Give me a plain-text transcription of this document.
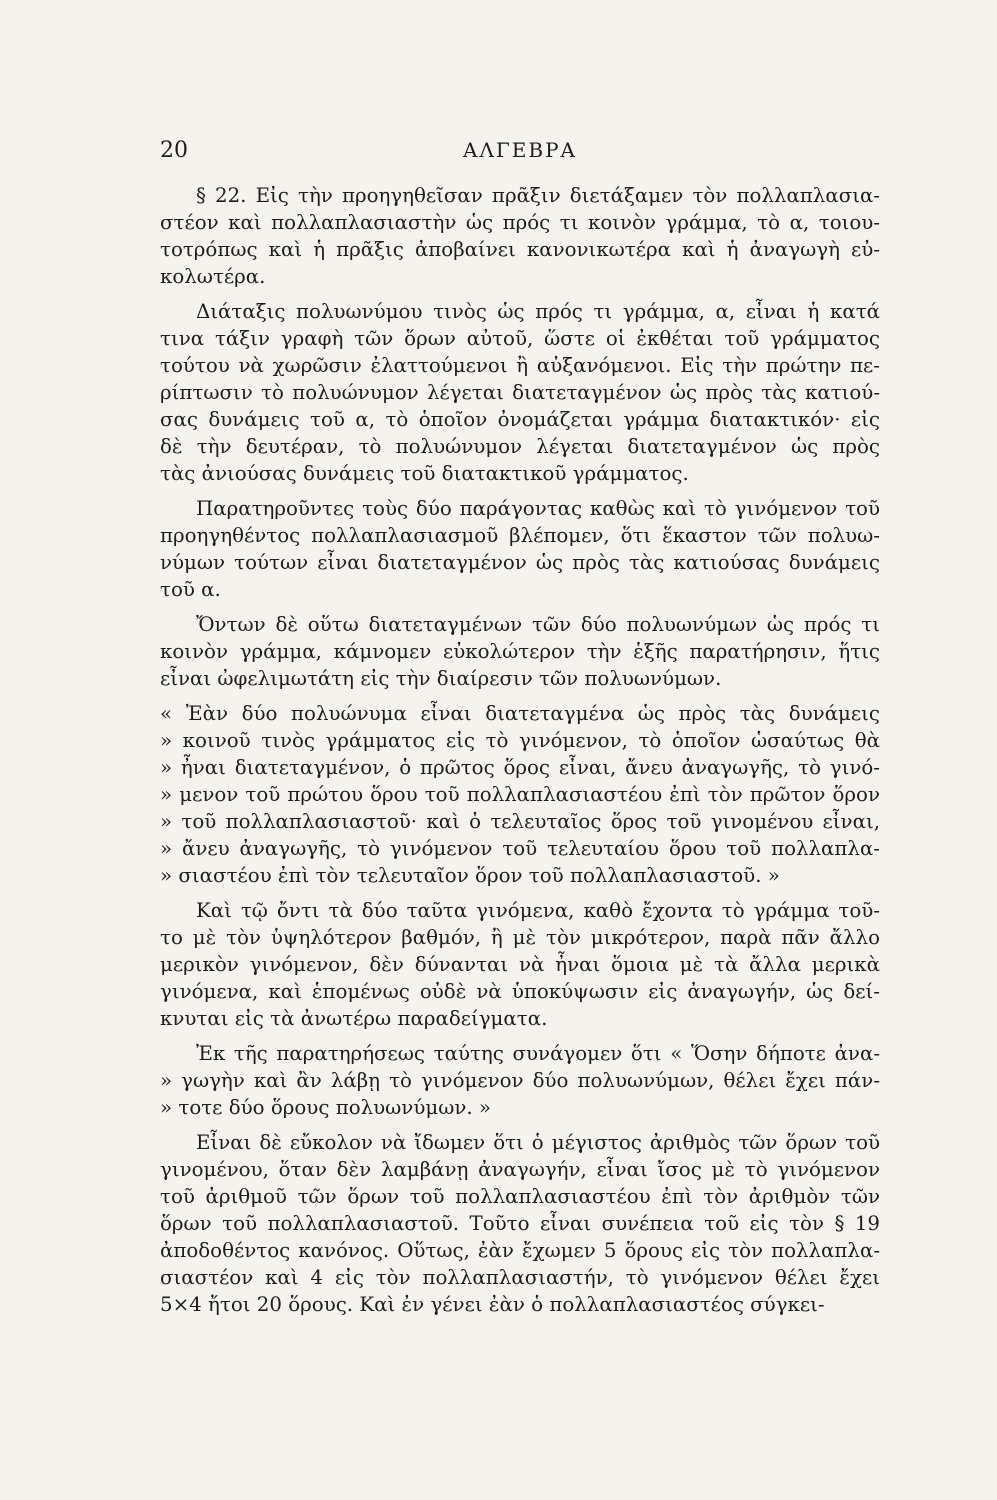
20	ΑΛΓΕΒΡΑ
§ 22. Εἰς τὴν προηγηθεῖσαν πρᾶξιν διετάξαμεν τὸν πολλαπλασια-
στέον καὶ πολλαπλασιαστὴν ὡς πρός τι κοινὸν γράμμα, τὸ α, τοιου-
τοτρόπως καὶ ἡ πρᾶξις ἀποβαίνει κανονικωτέρα καὶ ἡ ἀναγωγὴ εὐ-
κολωτέρα.
Διάταξις πολυωνύμου τινὸς ὡς πρός τι γράμμα, α, εἶναι ἡ κατά
τινα τάξιν γραφὴ τῶν ὅρων αὐτοῦ, ὥστε οἱ ἐκθέται τοῦ γράμματος
τούτου νὰ χωρῶσιν ἐλαττούμενοι ἢ αὐξανόμενοι. Εἰς τὴν πρώτην πε-
ρίπτωσιν τὸ πολυώνυμον λέγεται διατεταγμένον ὡς πρὸς τὰς κατιού-
σας δυνάμεις τοῦ α, τὸ ὁποῖον ὀνομάζεται γράμμα διατακτικόν· εἰς
δὲ τὴν δευτέραν, τὸ πολυώνυμον λέγεται διατεταγμένον ὡς πρὸς
τὰς ἀνιούσας δυνάμεις τοῦ διατακτικοῦ γράμματος.
Παρατηροῦντες τοὺς δύο παράγοντας καθὼς καὶ τὸ γινόμενον τοῦ
προηγηθέντος πολλαπλασιασμοῦ βλέπομεν, ὅτι ἕκαστον τῶν πολυω-
νύμων τούτων εἶναι διατεταγμένον ὡς πρὸς τὰς κατιούσας δυνάμεις
τοῦ α.
Ὄντων δὲ οὕτω διατεταγμένων τῶν δύο πολυωνύμων ὡς πρός τι
κοινὸν γράμμα, κάμνομεν εὐκολώτερον τὴν ἑξῆς παρατήρησιν, ἥτις
εἶναι ὠφελιμωτάτη εἰς τὴν διαίρεσιν τῶν πολυωνύμων.
« Ἐὰν δύο πολυώνυμα εἶναι διατεταγμένα ὡς πρὸς τὰς δυνάμεις
» κοινοῦ τινὸς γράμματος εἰς τὸ γινόμενον, τὸ ὁποῖον ὡσαύτως θὰ
» ἦναι διατεταγμένον, ὁ πρῶτος ὅρος εἶναι, ἄνευ ἀναγωγῆς, τὸ γινό-
» μενον τοῦ πρώτου ὅρου τοῦ πολλαπλασιαστέου ἐπὶ τὸν πρῶτον ὅρον
» τοῦ πολλαπλασιαστοῦ· καὶ ὁ τελευταῖος ὅρος τοῦ γινομένου εἶναι,
» ἄνευ ἀναγωγῆς, τὸ γινόμενον τοῦ τελευταίου ὅρου τοῦ πολλαπλα-
» σιαστέου ἐπὶ τὸν τελευταῖον ὅρον τοῦ πολλαπλασιαστοῦ. »
Καὶ τῷ ὄντι τὰ δύο ταῦτα γινόμενα, καθὸ ἔχοντα τὸ γράμμα τοῦ-
το μὲ τὸν ὑψηλότερον βαθμόν, ἢ μὲ τὸν μικρότερον, παρὰ πᾶν ἄλλο
μερικὸν γινόμενον, δὲν δύνανται νὰ ἦναι ὅμοια μὲ τὰ ἄλλα μερικὰ
γινόμενα, καὶ ἑπομένως οὐδὲ νὰ ὑποκύψωσιν εἰς ἀναγωγήν, ὡς δεί-
κνυται εἰς τὰ ἀνωτέρω παραδείγματα.
Ἐκ τῆς παρατηρήσεως ταύτης συνάγομεν ὅτι « Ὅσην δήποτε ἀνα-
» γωγὴν καὶ ἂν λάβῃ τὸ γινόμενον δύο πολυωνύμων, θέλει ἔχει πάν-
» τοτε δύο ὅρους πολυωνύμων. »
Εἶναι δὲ εὔκολον νὰ ἴδωμεν ὅτι ὁ μέγιστος ἀριθμὸς τῶν ὅρων τοῦ
γινομένου, ὅταν δὲν λαμβάνῃ ἀναγωγήν, εἶναι ἴσος μὲ τὸ γινόμενον
τοῦ ἀριθμοῦ τῶν ὅρων τοῦ πολλαπλασιαστέου ἐπὶ τὸν ἀριθμὸν τῶν
ὅρων τοῦ πολλαπλασιαστοῦ. Τοῦτο εἶναι συνέπεια τοῦ εἰς τὸν § 19
ἀποδοθέντος κανόνος. Οὕτως, ἐὰν ἔχωμεν 5 ὅρους εἰς τὸν πολλαπλα-
σιαστέον καὶ 4 εἰς τὸν πολλαπλασιαστήν, τὸ γινόμενον θέλει ἔχει
5×4 ἤτοι 20 ὅρους. Καὶ ἐν γένει ἐὰν ὁ πολλαπλασιαστέος σύγκει-
